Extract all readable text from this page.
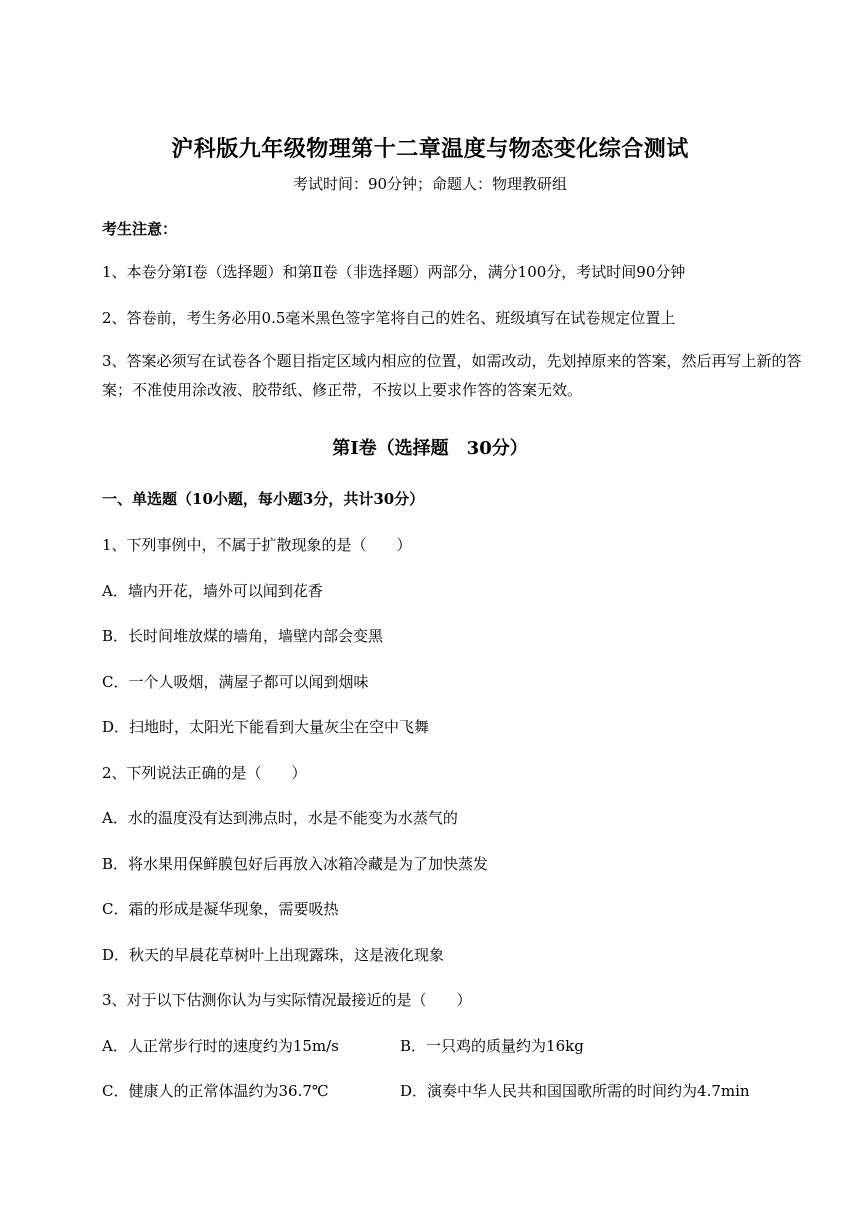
沪科版九年级物理第十二章温度与物态变化综合测试
考试时间：90分钟；命题人：物理教研组
考生注意：
1、本卷分第Ⅰ卷（选择题）和第Ⅱ卷（非选择题）两部分，满分100分，考试时间90分钟
2、答卷前，考生务必用0.5毫米黑色签字笔将自己的姓名、班级填写在试卷规定位置上
3、答案必须写在试卷各个题目指定区域内相应的位置，如需改动，先划掉原来的答案，然后再写上新的答案；不准使用涂改液、胶带纸、修正带，不按以上要求作答的答案无效。
第Ⅰ卷（选择题　30分）
一、单选题（10小题，每小题3分，共计30分）
1、下列事例中，不属于扩散现象的是（　　）
A．墙内开花，墙外可以闻到花香
B．长时间堆放煤的墙角，墙壁内部会变黑
C．一个人吸烟，满屋子都可以闻到烟味
D．扫地时，太阳光下能看到大量灰尘在空中飞舞
2、下列说法正确的是（　　）
A．水的温度没有达到沸点时，水是不能变为水蒸气的
B．将水果用保鲜膜包好后再放入冰箱冷藏是为了加快蒸发
C．霜的形成是凝华现象，需要吸热
D．秋天的早晨花草树叶上出现露珠，这是液化现象
3、对于以下估测你认为与实际情况最接近的是（　　）
A．人正常步行时的速度约为15m/s	B．一只鸡的质量约为16kg
C．健康人的正常体温约为36.7℃	D．演奏中华人民共和国国歌所需的时间约为4.7min
